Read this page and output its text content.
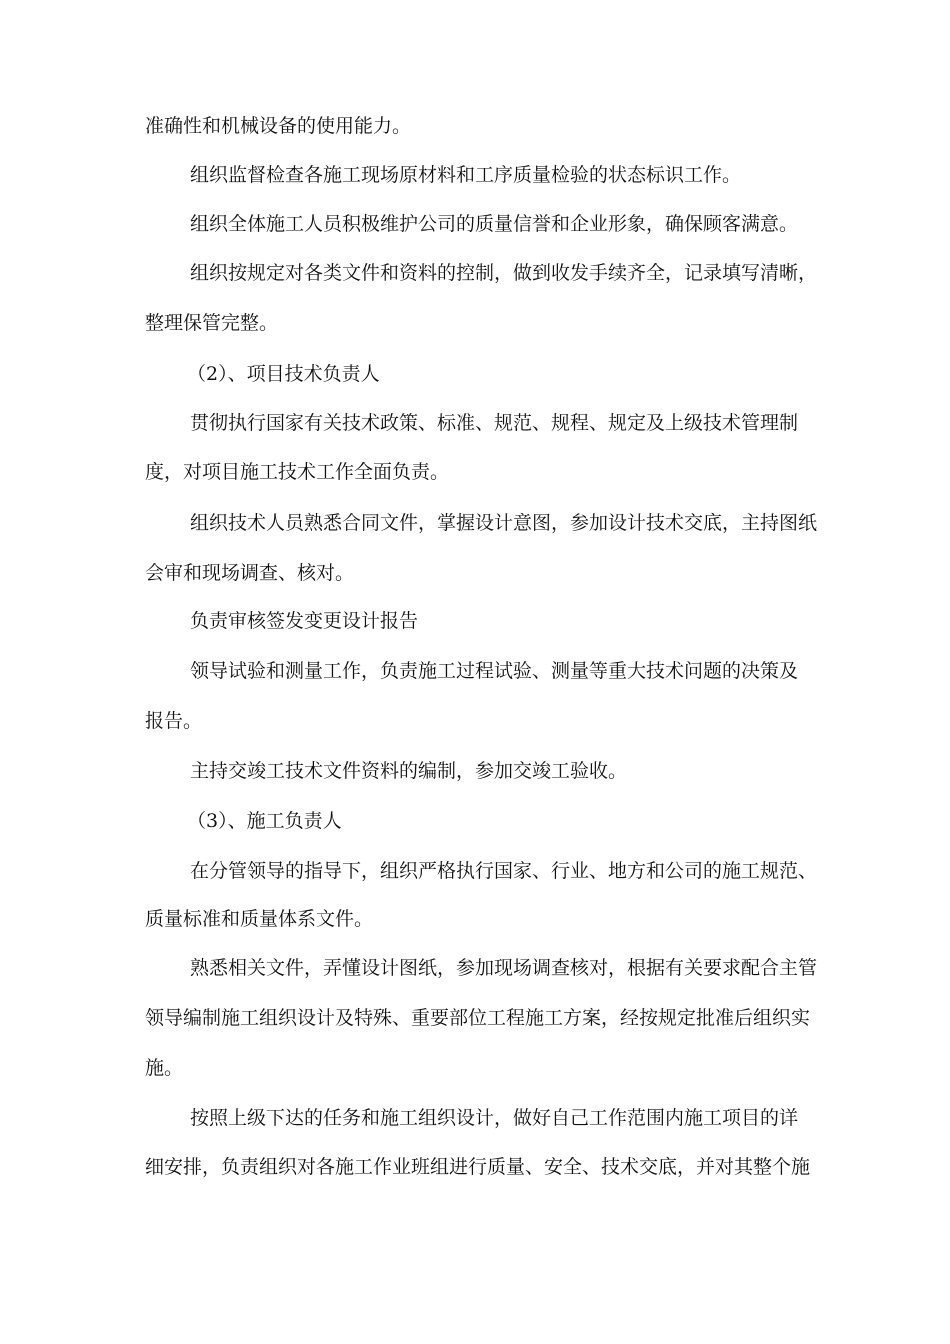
准确性和机械设备的使用能力。
组织监督检查各施工现场原材料和工序质量检验的状态标识工作。
组织全体施工人员积极维护公司的质量信誉和企业形象，确保顾客满意。
组织按规定对各类文件和资料的控制，做到收发手续齐全，记录填写清晰，
整理保管完整。
（2）、项目技术负责人
贯彻执行国家有关技术政策、标准、规范、规程、规定及上级技术管理制
度，对项目施工技术工作全面负责。
组织技术人员熟悉合同文件，掌握设计意图，参加设计技术交底，主持图纸
会审和现场调查、核对。
负责审核签发变更设计报告
领导试验和测量工作，负责施工过程试验、测量等重大技术问题的决策及
报告。
主持交竣工技术文件资料的编制，参加交竣工验收。
（3）、施工负责人
在分管领导的指导下，组织严格执行国家、行业、地方和公司的施工规范、
质量标准和质量体系文件。
熟悉相关文件，弄懂设计图纸，参加现场调查核对，根据有关要求配合主管
领导编制施工组织设计及特殊、重要部位工程施工方案，经按规定批准后组织实
施。
按照上级下达的任务和施工组织设计，做好自己工作范围内施工项目的详
细安排，负责组织对各施工作业班组进行质量、安全、技术交底，并对其整个施
